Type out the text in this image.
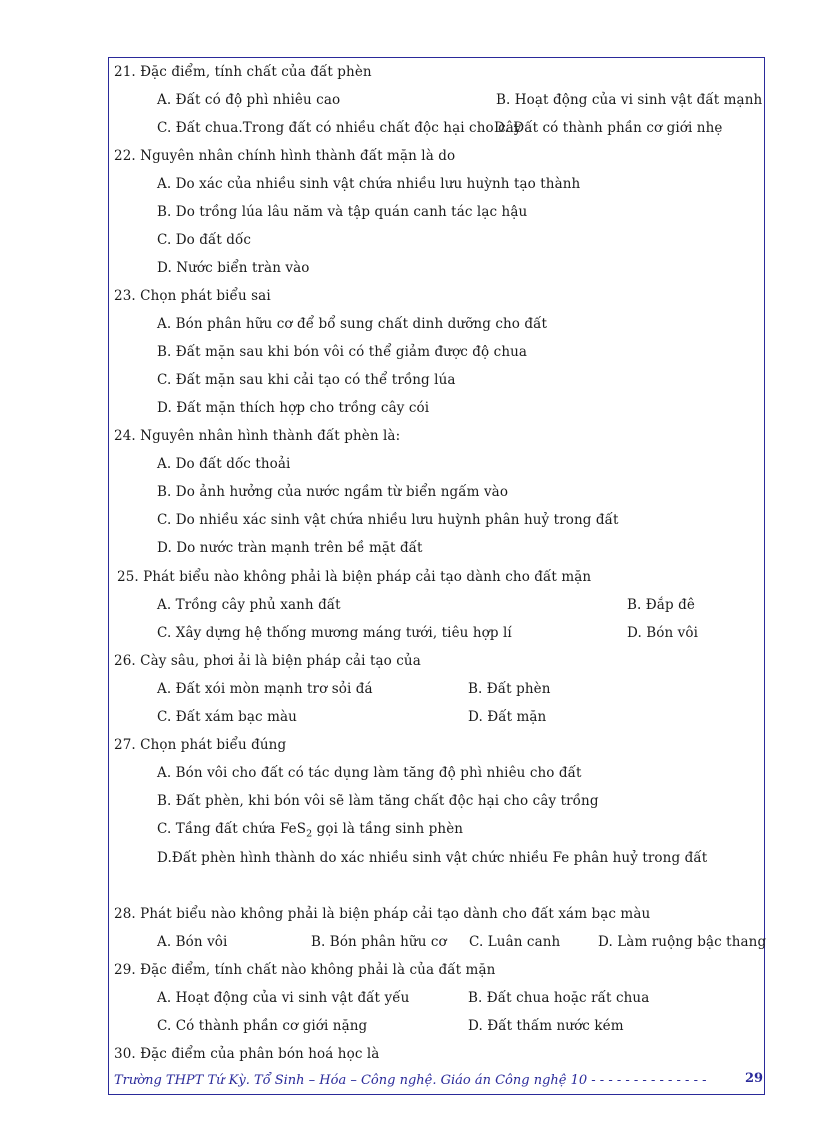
21. Đặc điểm, tính chất của đất phèn
A. Đất có độ phì nhiêu cao	B. Hoạt động của vi sinh vật đất mạnh
C. Đất chua.Trong đất có nhiều chất độc hại cho cây
D. Đất có thành phần cơ giới nhẹ
22. Nguyên nhân chính hình thành đất mặn là do
A. Do xác của nhiều sinh vật chứa nhiều lưu huỳnh tạo thành
B. Do trồng lúa lâu năm và tập quán canh tác lạc hậu
C. Do đất dốc
D. Nước biển tràn vào
23. Chọn phát biểu sai
A. Bón phân hữu cơ để bổ sung chất dinh dưỡng cho đất
B. Đất mặn sau khi bón vôi có thể giảm được độ chua
C. Đất mặn sau khi cải tạo có thể trồng lúa
D. Đất mặn thích hợp cho trồng cây cói
24. Nguyên nhân hình thành đất phèn là:
A. Do đất dốc thoải
B. Do ảnh hưởng của nước ngầm từ biển ngấm vào
C. Do nhiều xác sinh vật chứa nhiều lưu huỳnh phân huỷ trong đất
D. Do nước tràn mạnh trên bề mặt đất
25. Phát biểu nào không phải là biện pháp cải tạo dành cho đất mặn
A. Trồng cây phủ xanh đất	B. Đắp đê
C. Xây dựng hệ thống mương máng tưới, tiêu hợp lí	D. Bón vôi
26. Cày sâu, phơi ải là biện pháp cải tạo của
A. Đất xói mòn mạnh trơ sỏi đá	B. Đất phèn
C. Đất xám bạc màu	D. Đất mặn
27. Chọn phát biểu đúng
A. Bón vôi cho đất có tác dụng làm tăng độ phì nhiêu cho đất
B. Đất phèn, khi bón vôi sẽ làm tăng chất độc hại cho cây trồng
C. Tầng đất chứa FeS$_2$ gọi là tầng sinh phèn
D.Đất phèn hình thành do xác nhiều sinh vật chức nhiều Fe phân huỷ trong đất
28. Phát biểu nào không phải là biện pháp cải tạo dành cho đất xám bạc màu
A. Bón vôi	B. Bón phân hữu cơ C. Luân canh	D. Làm ruộng bậc thang
29. Đặc điểm, tính chất nào không phải là của đất mặn
A. Hoạt động của vi sinh vật đất yếu	B. Đất chua hoặc rất chua
C. Có thành phần cơ giới nặng	D. Đất thấm nước kém
30. Đặc điểm của phân bón hoá học là
Trường THPT Tứ Kỳ. Tổ Sinh – Hóa – Công nghệ. Giáo án Công nghệ 10 - - - - - - - - - - - - - -	29
